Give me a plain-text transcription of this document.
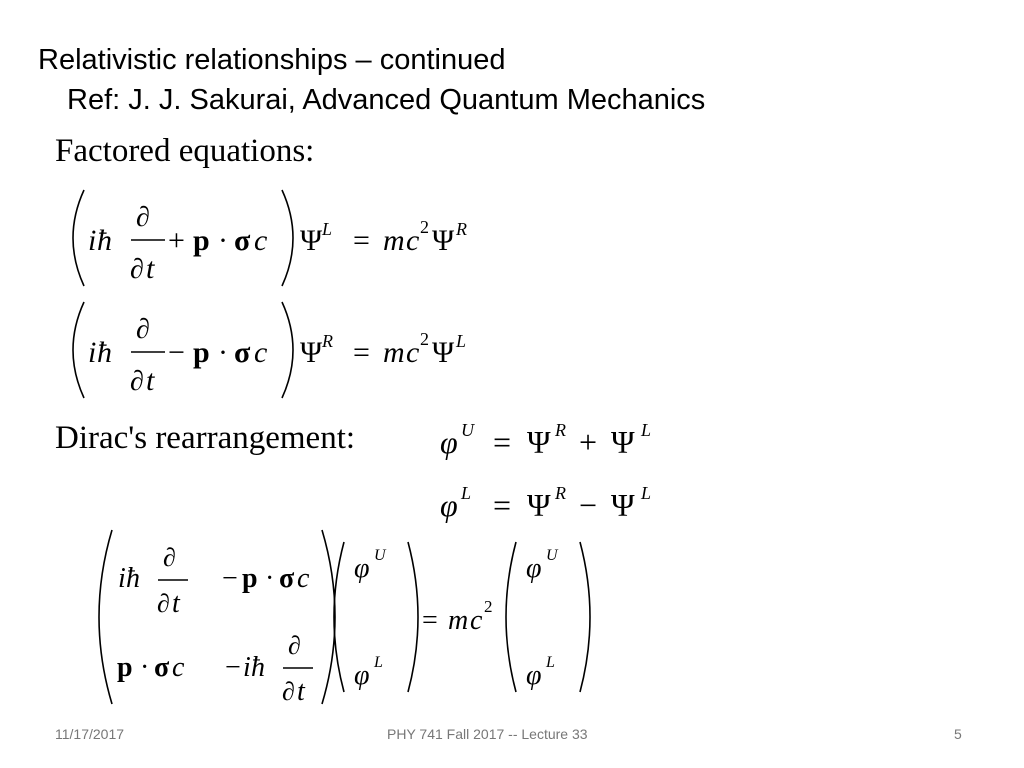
Relativistic relationships – continued
Ref: J. J. Sakurai, Advanced Quantum Mechanics
Factored equations:
Dirac's rearrangement:
i ħ
∂
∂ t
+ p · σ c Ψ L = m c 2 Ψ R
i ħ
∂
∂ t
− p · σ c Ψ R = m c 2 Ψ L
φ U = Ψ R + Ψ L
φ L = Ψ R − Ψ L
i ħ
∂
∂ t
− p · σ c
p · σ c − i ħ
∂
∂ t
φ U
φ L
= m c 2
φ U
φ L
11/17/2017	PHY 741 Fall 2017 -- Lecture 33	5
